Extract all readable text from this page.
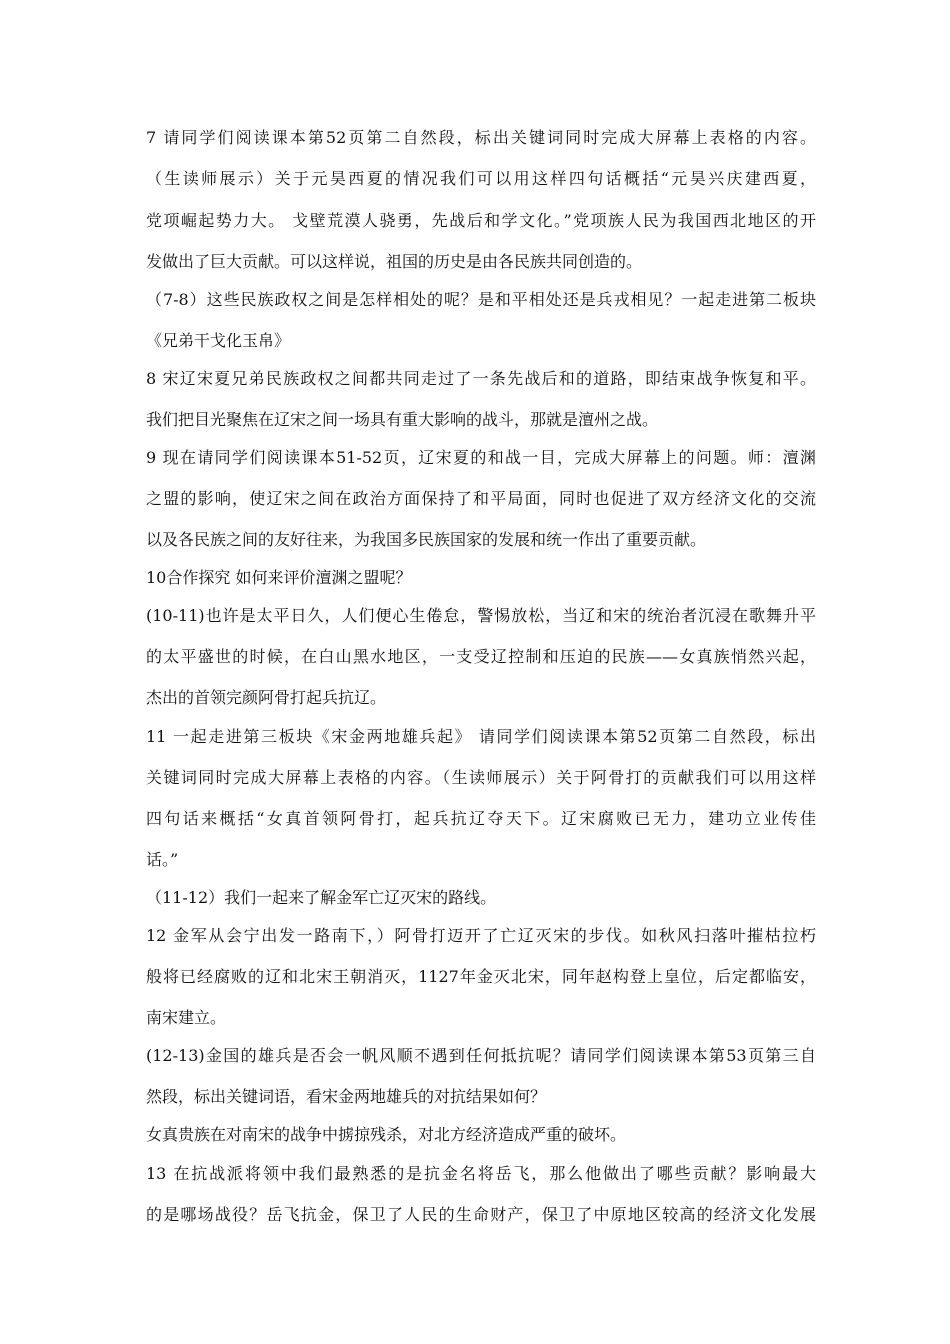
7 请同学们阅读课本第52页第二自然段，标出关键词同时完成大屏幕上表格的内容。
（生读师展示）关于元昊西夏的情况我们可以用这样四句话概括“元昊兴庆建西夏，
党项崛起势力大。 戈壁荒漠人骁勇，先战后和学文化。”党项族人民为我国西北地区的开
发做出了巨大贡献。可以这样说，祖国的历史是由各民族共同创造的。
（7-8）这些民族政权之间是怎样相处的呢？是和平相处还是兵戎相见？一起走进第二板块
《兄弟干戈化玉帛》
8 宋辽宋夏兄弟民族政权之间都共同走过了一条先战后和的道路，即结束战争恢复和平。
我们把目光聚焦在辽宋之间一场具有重大影响的战斗，那就是澶州之战。
9 现在请同学们阅读课本51-52页，辽宋夏的和战一目，完成大屏幕上的问题。师：澶渊
之盟的影响，使辽宋之间在政治方面保持了和平局面，同时也促进了双方经济文化的交流
以及各民族之间的友好往来，为我国多民族国家的发展和统一作出了重要贡献。
10合作探究 如何来评价澶渊之盟呢？
(10-11)也许是太平日久，人们便心生倦怠，警惕放松，当辽和宋的统治者沉浸在歌舞升平
的太平盛世的时候，在白山黑水地区，一支受辽控制和压迫的民族——女真族悄然兴起，
杰出的首领完颜阿骨打起兵抗辽。
11 一起走进第三板块《宋金两地雄兵起》 请同学们阅读课本第52页第二自然段，标出
关键词同时完成大屏幕上表格的内容。（生读师展示）关于阿骨打的贡献我们可以用这样
四句话来概括“女真首领阿骨打，起兵抗辽夺天下。辽宋腐败已无力，建功立业传佳
话。”
（11-12）我们一起来了解金军亡辽灭宋的路线。
12 金军从会宁出发一路南下，）阿骨打迈开了亡辽灭宋的步伐。如秋风扫落叶摧枯拉朽
般将已经腐败的辽和北宋王朝消灭，1127年金灭北宋，同年赵构登上皇位，后定都临安，
南宋建立。
(12-13)金国的雄兵是否会一帆风顺不遇到任何抵抗呢？请同学们阅读课本第53页第三自
然段，标出关键词语，看宋金两地雄兵的对抗结果如何？
女真贵族在对南宋的战争中掳掠残杀，对北方经济造成严重的破坏。
13 在抗战派将领中我们最熟悉的是抗金名将岳飞，那么他做出了哪些贡献？影响最大
的是哪场战役？岳飞抗金，保卫了人民的生命财产，保卫了中原地区较高的经济文化发展
